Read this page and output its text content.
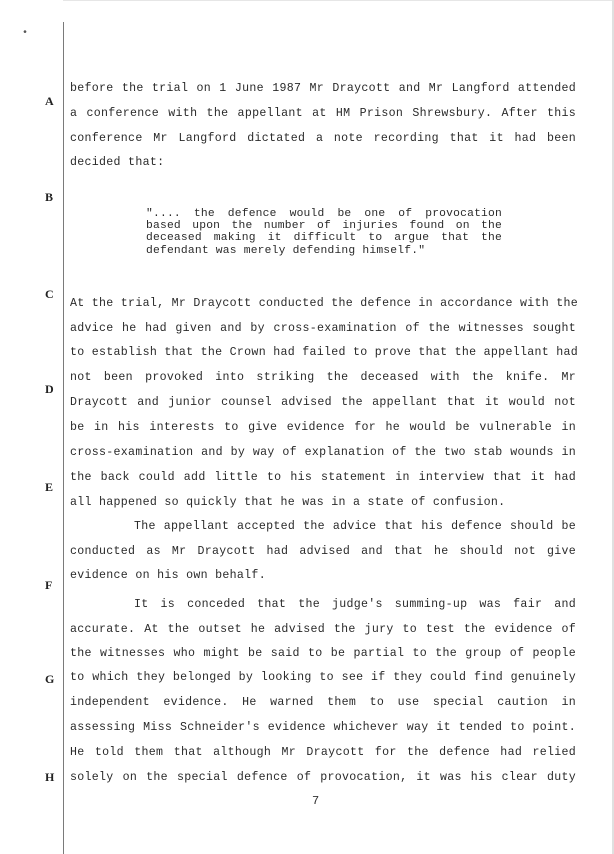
•
A
B
C
D
E
F
G
H
before the trial on 1 June 1987 Mr Draycott and Mr Langford attended
a conference with the appellant at HM Prison Shrewsbury. After this
conference Mr Langford dictated a note recording that it had been
decided that:
".... the defence would be one of provocation
based upon the number of injuries found on the
deceased making it difficult to argue that the
defendant was merely defending himself."
At the trial, Mr Draycott conducted the defence in accordance with the
advice he had given and by cross-examination of the witnesses sought
to establish that the Crown had failed to prove that the appellant had
not been provoked into striking the deceased with the knife. Mr
Draycott and junior counsel advised the appellant that it would not
be in his interests to give evidence for he would be vulnerable in
cross-examination and by way of explanation of the two stab wounds in
the back could add little to his statement in interview that it had
all happened so quickly that he was in a state of confusion.
The appellant accepted the advice that his defence should be
conducted as Mr Draycott had advised and that he should not give
evidence on his own behalf.
It is conceded that the judge's summing-up was fair and
accurate. At the outset he advised the jury to test the evidence of
the witnesses who might be said to be partial to the group of people
to which they belonged by looking to see if they could find genuinely
independent evidence. He warned them to use special caution in
assessing Miss Schneider's evidence whichever way it tended to point.
He told them that although Mr Draycott for the defence had relied
solely on the special defence of provocation, it was his clear duty
7
